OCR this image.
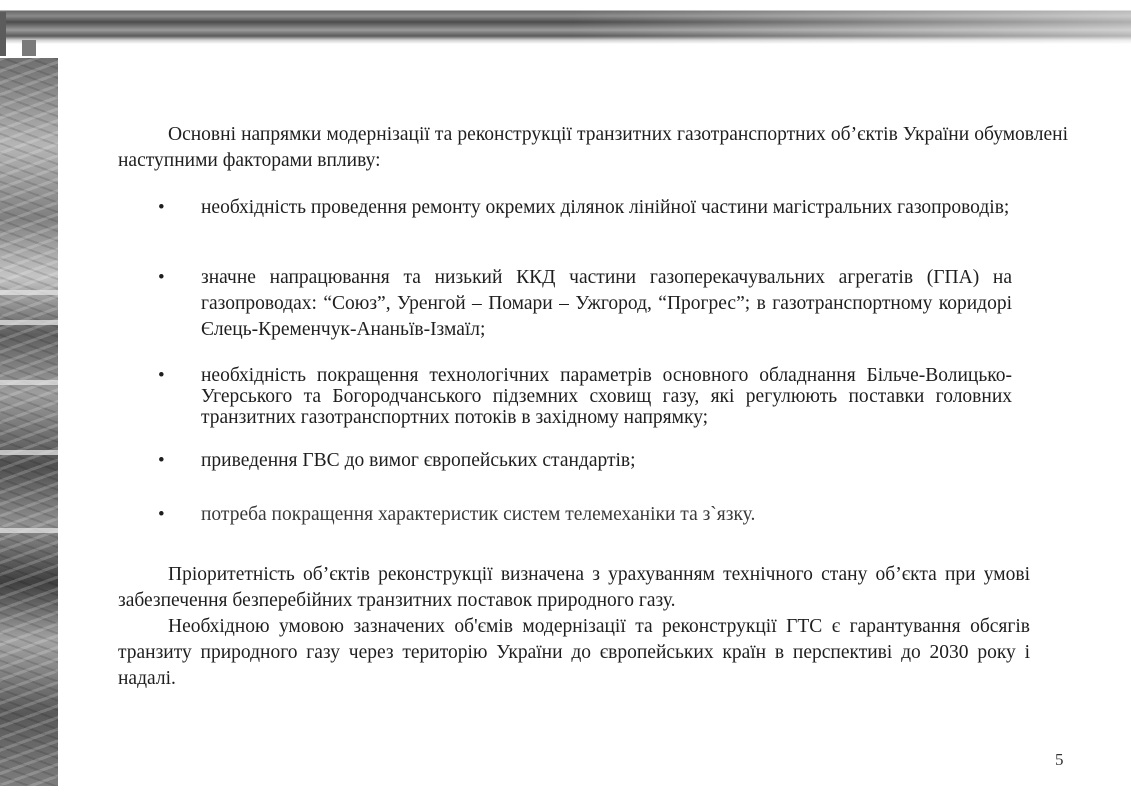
Основні напрямки модернізації та реконструкції транзитних газотранспортних об’єктів України обумовлені наступними факторами впливу:

• необхідність проведення ремонту окремих ділянок лінійної частини магістральних газопроводів;
• значне напрацювання та низький ККД частини газоперекачувальних агрегатів (ГПА) на газопроводах: “Союз”, Уренгой – Помари – Ужгород, “Прогрес”; в газотранспортному коридорі Єлець-Кременчук-Ананьїв-Ізмаїл;
• необхідність покращення технологічних параметрів основного обладнання Більче-Волицько-Угерського та Богородчанського підземних сховищ газу, які регулюють поставки головних транзитних газотранспортних потоків в західному напрямку;
• приведення ГВС до вимог європейських стандартів;
• потреба покращення характеристик систем телемеханіки та з`язку.

Пріоритетність об’єктів реконструкції визначена з урахуванням технічного стану об’єкта при умові забезпечення безперебійних транзитних поставок природного газу.

Необхідною умовою зазначених об'ємів модернізації та реконструкції ГТС є гарантування обсягів транзиту природного газу через територію України до європейських країн в перспективі до 2030 року і надалі.

5
